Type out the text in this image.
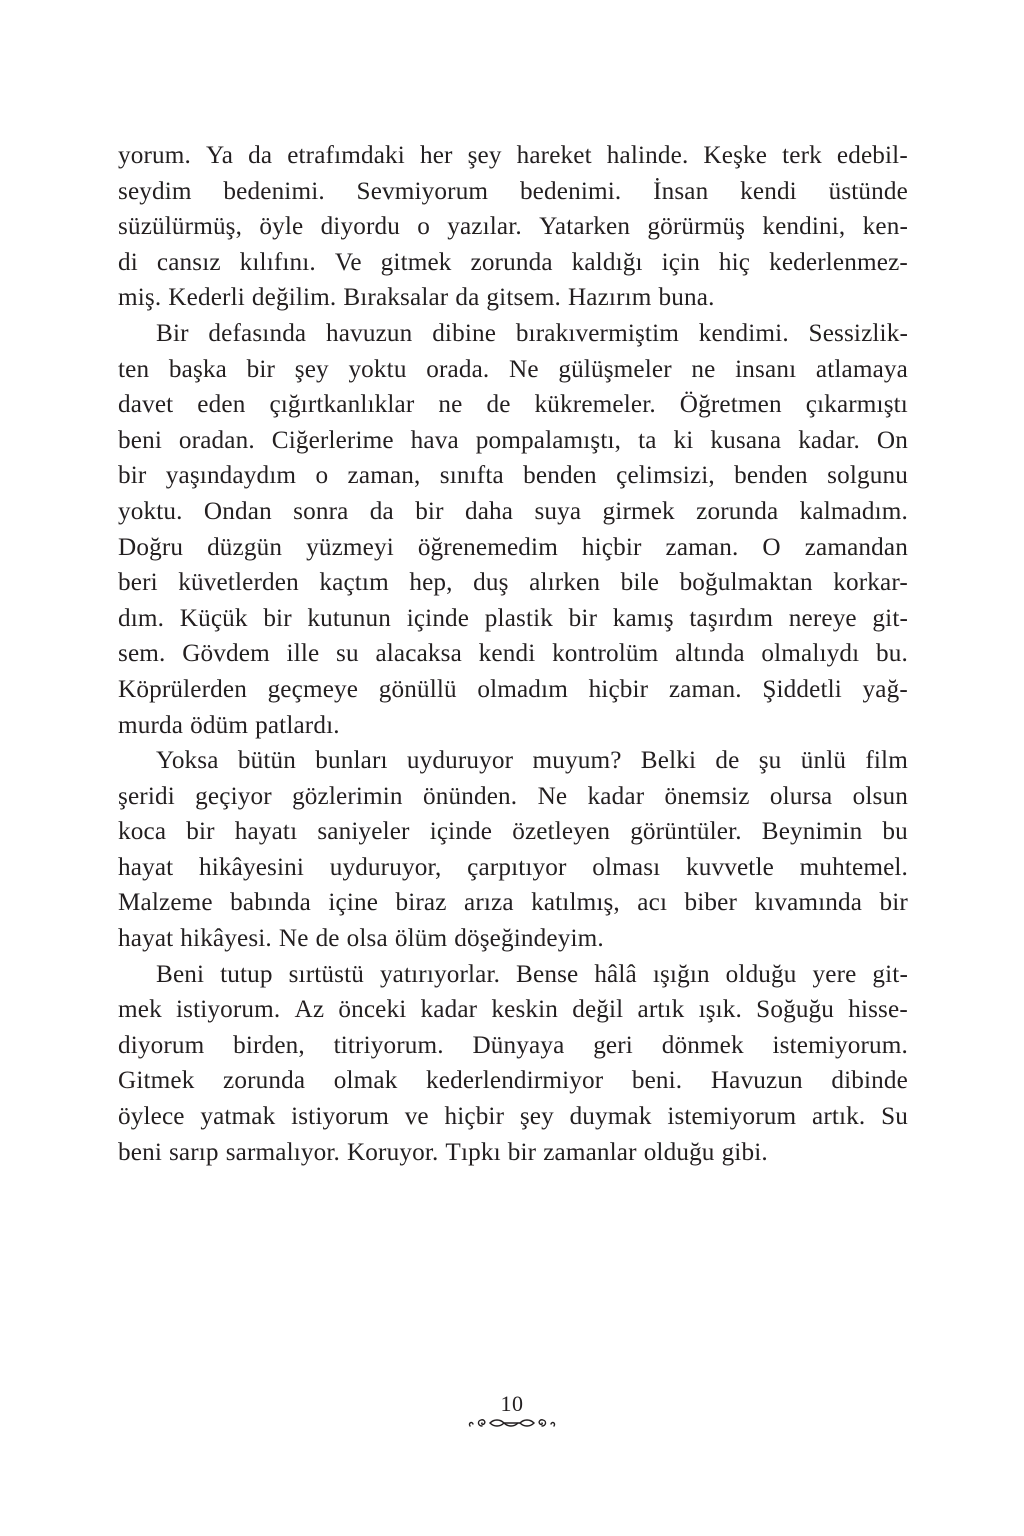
yorum. Ya da etrafımdaki her şey hareket halinde. Keşke terk edebil-
seydim bedenimi. Sevmiyorum bedenimi. İnsan kendi üstünde
süzülürmüş, öyle diyordu o yazılar. Yatarken görürmüş kendini, ken-
di cansız kılıfını. Ve gitmek zorunda kaldığı için hiç kederlenmez-
miş. Kederli değilim. Bıraksalar da gitsem. Hazırım buna.
Bir defasında havuzun dibine bırakıvermiştim kendimi. Sessizlik-
ten başka bir şey yoktu orada. Ne gülüşmeler ne insanı atlamaya
davet eden çığırtkanlıklar ne de kükremeler. Öğretmen çıkarmıştı
beni oradan. Ciğerlerime hava pompalamıştı, ta ki kusana kadar. On
bir yaşındaydım o zaman, sınıfta benden çelimsizi, benden solgunu
yoktu. Ondan sonra da bir daha suya girmek zorunda kalmadım.
Doğru düzgün yüzmeyi öğrenemedim hiçbir zaman. O zamandan
beri küvetlerden kaçtım hep, duş alırken bile boğulmaktan korkar-
dım. Küçük bir kutunun içinde plastik bir kamış taşırdım nereye git-
sem. Gövdem ille su alacaksa kendi kontrolüm altında olmalıydı bu.
Köprülerden geçmeye gönüllü olmadım hiçbir zaman. Şiddetli yağ-
murda ödüm patlardı.
Yoksa bütün bunları uyduruyor muyum? Belki de şu ünlü film
şeridi geçiyor gözlerimin önünden. Ne kadar önemsiz olursa olsun
koca bir hayatı saniyeler içinde özetleyen görüntüler. Beynimin bu
hayat hikâyesini uyduruyor, çarpıtıyor olması kuvvetle muhtemel.
Malzeme babında içine biraz arıza katılmış, acı biber kıvamında bir
hayat hikâyesi. Ne de olsa ölüm döşeğindeyim.
Beni tutup sırtüstü yatırıyorlar. Bense hâlâ ışığın olduğu yere git-
mek istiyorum. Az önceki kadar keskin değil artık ışık. Soğuğu hisse-
diyorum birden, titriyorum. Dünyaya geri dönmek istemiyorum.
Gitmek zorunda olmak kederlendirmiyor beni. Havuzun dibinde
öylece yatmak istiyorum ve hiçbir şey duymak istemiyorum artık. Su
beni sarıp sarmalıyor. Koruyor. Tıpkı bir zamanlar olduğu gibi.
10
